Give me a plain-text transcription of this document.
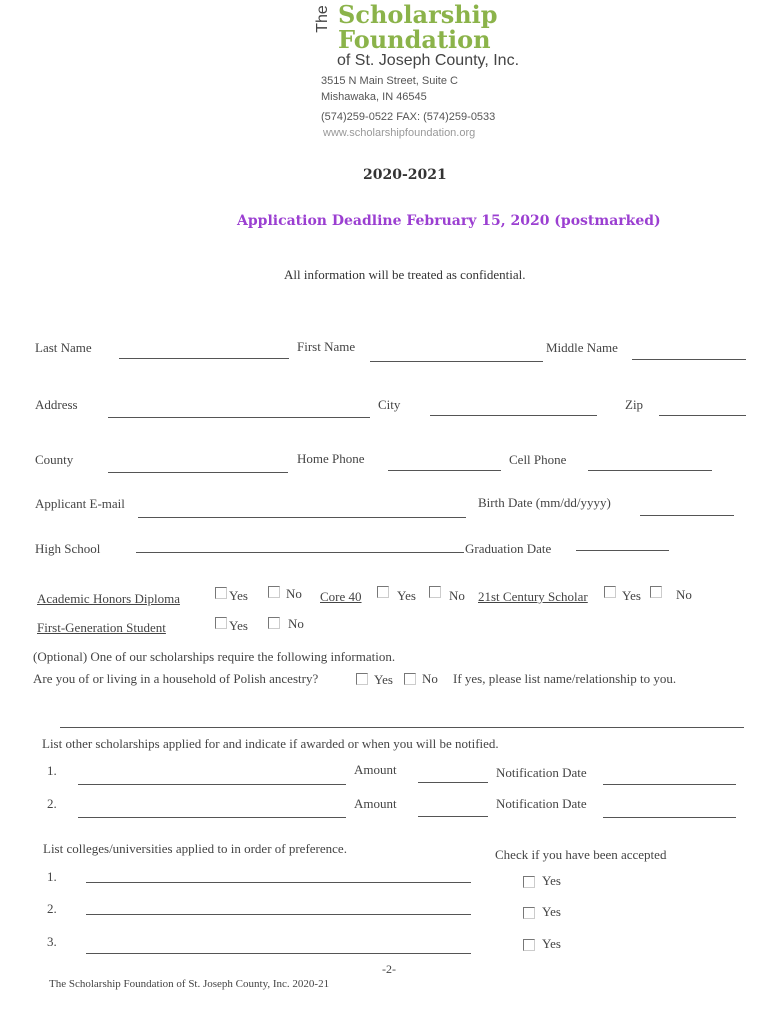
The Scholarship
Foundation
of St. Joseph County, Inc.
3515 N Main Street, Suite C
Mishawaka, IN 46545
(574)259-0522 FAX: (574)259-0533
www.scholarshipfoundation.org
2020-2021
Application Deadline February 15, 2020 (postmarked)
All information will be treated as confidential.
Last Name	First Name	Middle Name
Address	City	Zip
County	Home Phone	Cell Phone
Applicant E-mail	Birth Date (mm/dd/yyyy)
High School	Graduation Date
Academic Honors Diploma	Yes	No Core 40	Yes	No 21st Century Scholar	Yes	No
First-Generation Student	Yes	No
(Optional) One of our scholarships require the following information.
Are you of or living in a household of Polish ancestry?	Yes No If yes, please list name/relationship to you.
List other scholarships applied for and indicate if awarded or when you will be notified.
1.	Amount	Notification Date
2.	Amount	Notification Date
List colleges/universities applied to in order of preference.	Check if you have been accepted
1.	Yes
2.	Yes
3.	Yes
-2-
The Scholarship Foundation of St. Joseph County, Inc. 2020-21
